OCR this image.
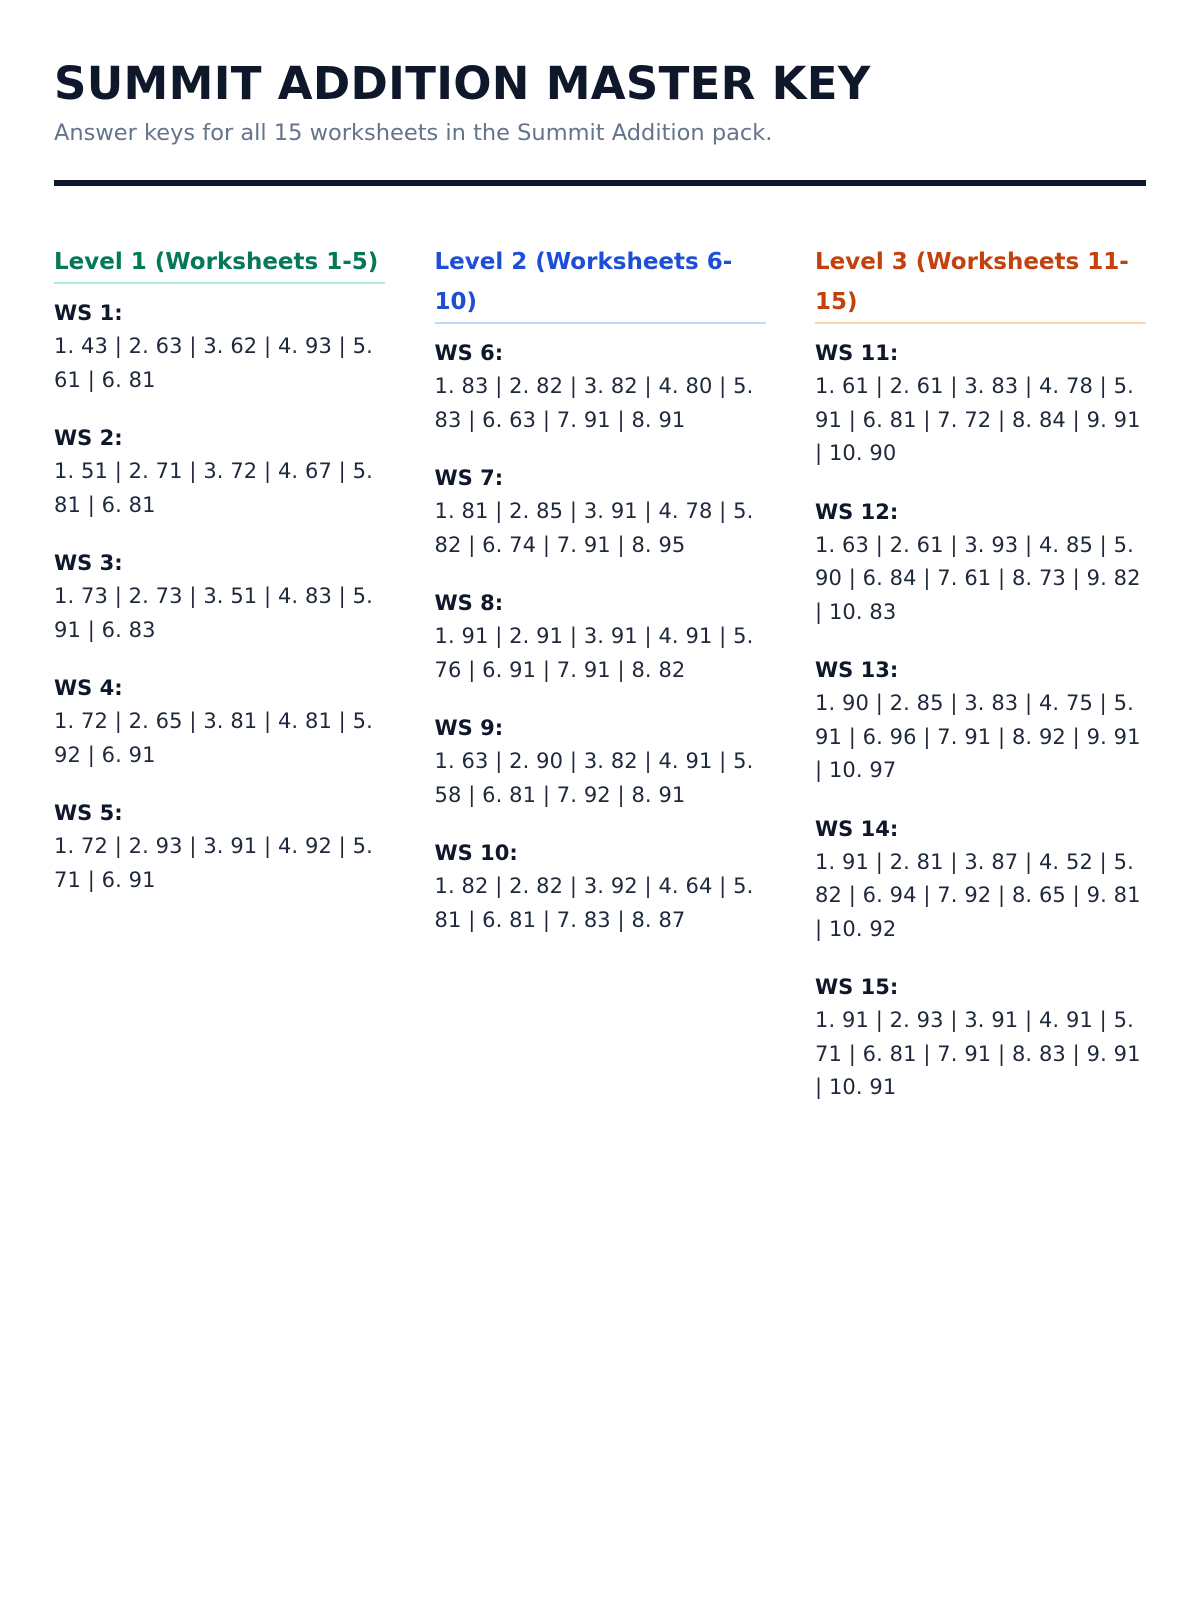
SUMMIT ADDITION MASTER KEY

Answer keys for all 15 worksheets in the Summit Addition pack.

Level 1 (Worksheets 1-5)
WS 1:
1. 43 | 2. 63 | 3. 62 | 4. 93 | 5. 61 | 6. 81
WS 2:
1. 51 | 2. 71 | 3. 72 | 4. 67 | 5. 81 | 6. 81
WS 3:
1. 73 | 2. 73 | 3. 51 | 4. 83 | 5. 91 | 6. 83
WS 4:
1. 72 | 2. 65 | 3. 81 | 4. 81 | 5. 92 | 6. 91
WS 5:
1. 72 | 2. 93 | 3. 91 | 4. 92 | 5. 71 | 6. 91
Level 2 (Worksheets 6-10)
WS 6:
1. 83 | 2. 82 | 3. 82 | 4. 80 | 5. 83 | 6. 63 | 7. 91 | 8. 91
WS 7:
1. 81 | 2. 85 | 3. 91 | 4. 78 | 5. 82 | 6. 74 | 7. 91 | 8. 95
WS 8:
1. 91 | 2. 91 | 3. 91 | 4. 91 | 5. 76 | 6. 91 | 7. 91 | 8. 82
WS 9:
1. 63 | 2. 90 | 3. 82 | 4. 91 | 5. 58 | 6. 81 | 7. 92 | 8. 91
WS 10:
1. 82 | 2. 82 | 3. 92 | 4. 64 | 5. 81 | 6. 81 | 7. 83 | 8. 87
Level 3 (Worksheets 11-15)
WS 11:
1. 61 | 2. 61 | 3. 83 | 4. 78 | 5. 91 | 6. 81 | 7. 72 | 8. 84 | 9. 91 | 10. 90
WS 12:
1. 63 | 2. 61 | 3. 93 | 4. 85 | 5. 90 | 6. 84 | 7. 61 | 8. 73 | 9. 82 | 10. 83
WS 13:
1. 90 | 2. 85 | 3. 83 | 4. 75 | 5. 91 | 6. 96 | 7. 91 | 8. 92 | 9. 91 | 10. 97
WS 14:
1. 91 | 2. 81 | 3. 87 | 4. 52 | 5. 82 | 6. 94 | 7. 92 | 8. 65 | 9. 81 | 10. 92
WS 15:
1. 91 | 2. 93 | 3. 91 | 4. 91 | 5. 71 | 6. 81 | 7. 91 | 8. 83 | 9. 91 | 10. 91
